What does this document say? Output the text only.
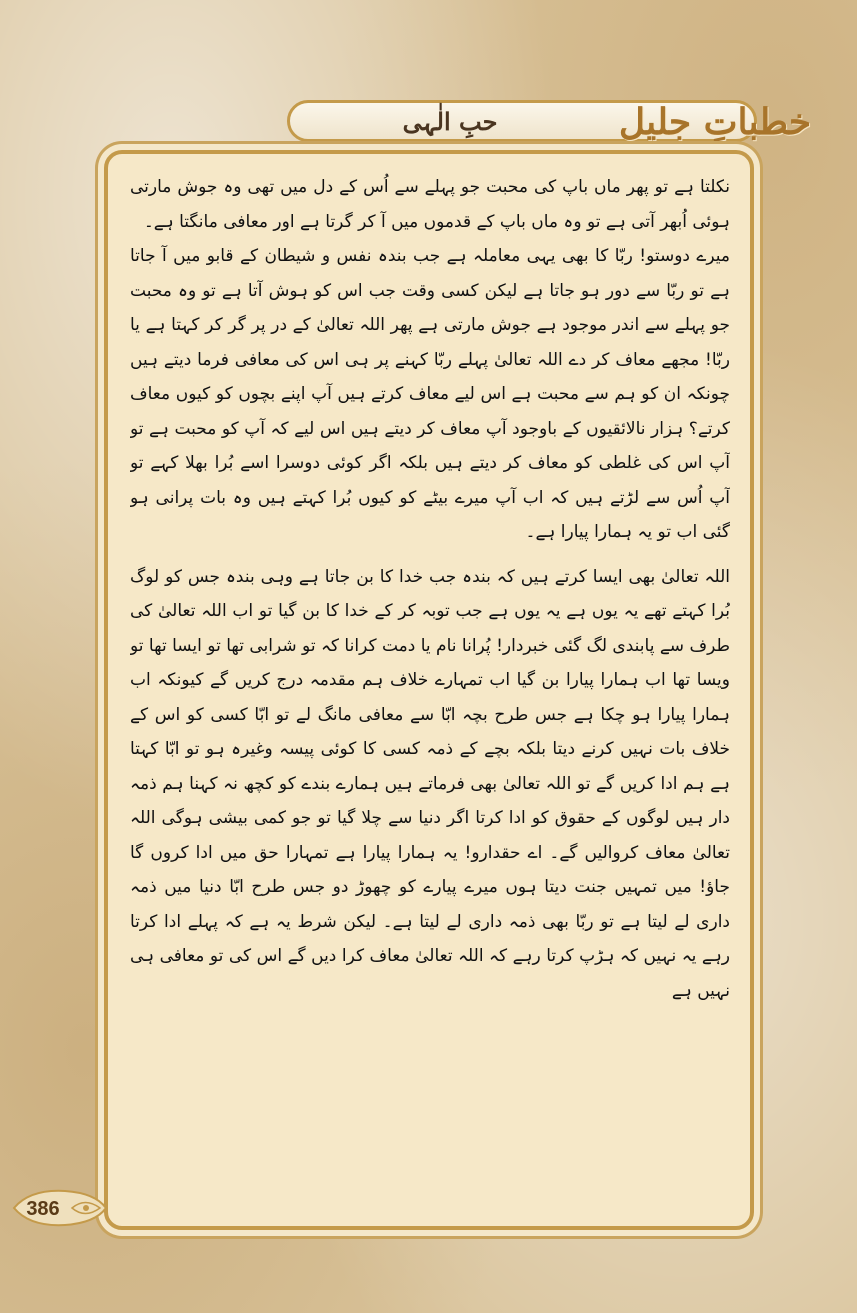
حبِ الٰہی	خطباتِ جلیل

نکلتا ہے تو پھر ماں باپ کی محبت جو پہلے سے اُس کے دل میں تھی وہ جوش مارتی ہوئی اُبھر آتی ہے تو وہ ماں باپ کے قدموں میں آ کر گرتا ہے اور معافی مانگتا ہے۔

میرے دوستو! ربّا کا بھی یہی معاملہ ہے جب بندہ نفس و شیطان کے قابو میں آ جاتا ہے تو ربّا سے دور ہو جاتا ہے لیکن کسی وقت جب اس کو ہوش آتا ہے تو وہ محبت جو پہلے سے اندر موجود ہے جوش مارتی ہے پھر اللہ تعالیٰ کے در پر گر کر کہتا ہے یا ربّا! مجھے معاف کر دے اللہ تعالیٰ پہلے ربّا کہنے پر ہی اس کی معافی فرما دیتے ہیں چونکہ ان کو ہم سے محبت ہے اس لیے معاف کرتے ہیں آپ اپنے بچوں کو کیوں معاف کرتے؟ ہزار نالائقیوں کے باوجود آپ معاف کر دیتے ہیں اس لیے کہ آپ کو محبت ہے تو آپ اس کی غلطی کو معاف کر دیتے ہیں بلکہ اگر کوئی دوسرا اسے بُرا بھلا کہے تو آپ اُس سے لڑتے ہیں کہ اب آپ میرے بیٹے کو کیوں بُرا کہتے ہیں وہ بات پرانی ہو گئی اب تو یہ ہمارا پیارا ہے۔

اللہ تعالیٰ بھی ایسا کرتے ہیں کہ بندہ جب خدا کا بن جاتا ہے وہی بندہ جس کو لوگ بُرا کہتے تھے یہ یوں ہے یہ یوں ہے جب توبہ کر کے خدا کا بن گیا تو اب اللہ تعالیٰ کی طرف سے پابندی لگ گئی خبردار! پُرانا نام یا دمت کرانا کہ تو شرابی تھا تو ایسا تھا تو ویسا تھا اب ہمارا پیارا بن گیا اب تمہارے خلاف ہم مقدمہ درج کریں گے کیونکہ اب ہمارا پیارا ہو چکا ہے جس طرح بچہ ابّا سے معافی مانگ لے تو ابّا کسی کو اس کے خلاف بات نہیں کرنے دیتا بلکہ بچے کے ذمہ کسی کا کوئی پیسہ وغیرہ ہو تو ابّا کہتا ہے ہم ادا کریں گے تو اللہ تعالیٰ بھی فرماتے ہیں ہمارے بندے کو کچھ نہ کہنا ہم ذمہ دار ہیں لوگوں کے حقوق کو ادا کرتا اگر دنیا سے چلا گیا تو جو کمی بیشی ہوگی اللہ تعالیٰ معاف کروالیں گے۔ اے حقدارو! یہ ہمارا پیارا ہے تمہارا حق میں ادا کروں گا جاؤ! میں تمہیں جنت دیتا ہوں میرے پیارے کو چھوڑ دو جس طرح ابّا دنیا میں ذمہ داری لے لیتا ہے تو ربّا بھی ذمہ داری لے لیتا ہے۔ لیکن شرط یہ ہے کہ پہلے ادا کرتا رہے یہ نہیں کہ ہڑپ کرتا رہے کہ اللہ تعالیٰ معاف کرا دیں گے اس کی تو معافی ہی نہیں ہے

386
